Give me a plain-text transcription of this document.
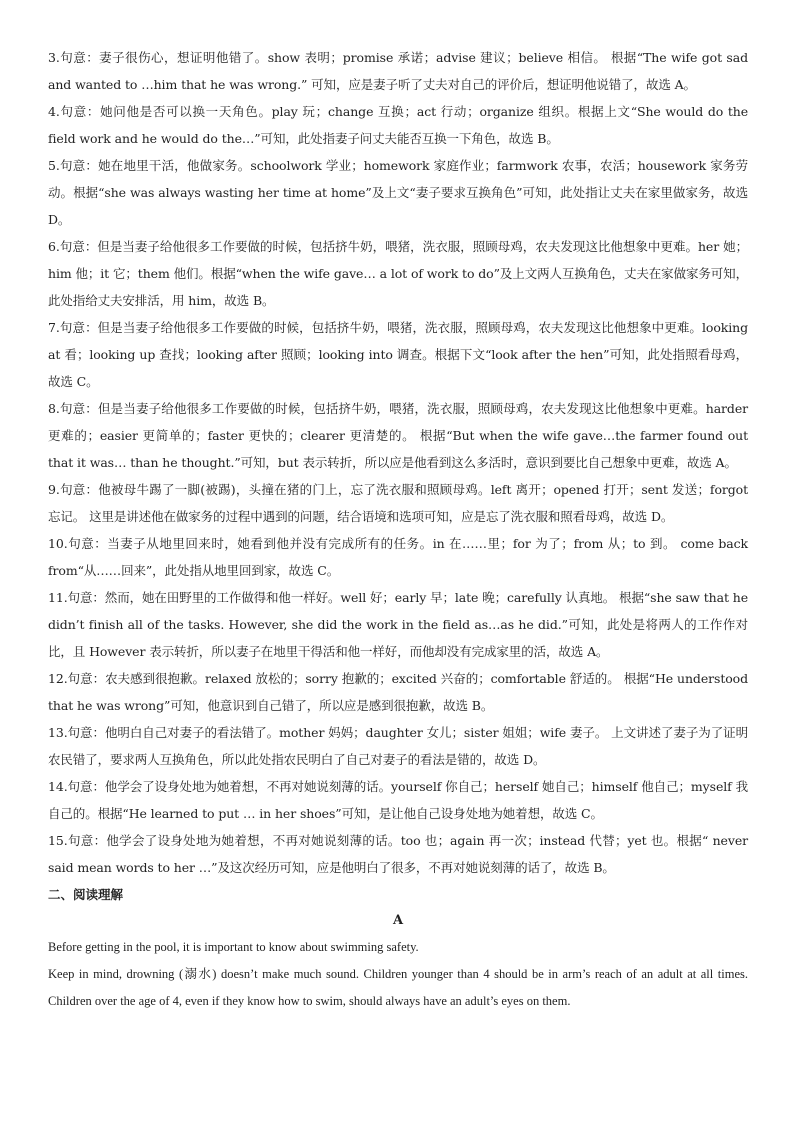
3.句意：妻子很伤心，想证明他错了。show 表明；promise 承诺；advise 建议；believe 相信。 根据“The wife got sad and wanted to …him that he was wrong.” 可知，应是妻子听了丈夫对自己的评价后，想证明他说错了，故选 A。

4.句意：她问他是否可以换一天角色。play 玩；change 互换；act 行动；organize 组织。根据上文“She would do the field work and he would do the…”可知，此处指妻子问丈夫能否互换一下角色，故选 B。

5.句意：她在地里干活，他做家务。schoolwork 学业；homework 家庭作业；farmwork 农事，农活；housework 家务劳动。根据“she was always wasting her time at home”及上文“妻子要求互换角色”可知，此处指让丈夫在家里做家务，故选 D。

6.句意：但是当妻子给他很多工作要做的时候，包括挤牛奶，喂猪，洗衣服，照顾母鸡，农夫发现这比他想象中更难。her 她；him 他；it 它；them 他们。根据“when the wife gave… a lot of work to do”及上文两人互换角色，丈夫在家做家务可知，此处指给丈夫安排活，用 him，故选 B。

7.句意：但是当妻子给他很多工作要做的时候，包括挤牛奶，喂猪，洗衣服，照顾母鸡，农夫发现这比他想象中更难。looking at 看；looking up 查找；looking after 照顾；looking into 调查。根据下文“look after the hen”可知，此处指照看母鸡，故选 C。

8.句意：但是当妻子给他很多工作要做的时候，包括挤牛奶，喂猪，洗衣服，照顾母鸡，农夫发现这比他想象中更难。harder 更难的；easier 更简单的；faster 更快的；clearer 更清楚的。 根据“But when the wife gave…the farmer found out that it was… than he thought.”可知，but 表示转折，所以应是他看到这么多活时，意识到要比自己想象中更难，故选 A。

9.句意：他被母牛踢了一脚(被踢)，头撞在猪的门上，忘了洗衣服和照顾母鸡。left 离开；opened 打开；sent 发送；forgot 忘记。 这里是讲述他在做家务的过程中遇到的问题，结合语境和选项可知，应是忘了洗衣服和照看母鸡，故选 D。

10.句意：当妻子从地里回来时，她看到他并没有完成所有的任务。in 在……里；for 为了；from 从；to 到。 come back from“从……回来”，此处指从地里回到家，故选 C。

11.句意：然而，她在田野里的工作做得和他一样好。well 好；early 早；late 晚；carefully 认真地。 根据“she saw that he didn’t finish all of the tasks. However, she did the work in the field as…as he did.”可知，此处是将两人的工作作对比，且 However 表示转折，所以妻子在地里干得活和他一样好，而他却没有完成家里的活，故选 A。

12.句意：农夫感到很抱歉。relaxed 放松的；sorry 抱歉的；excited 兴奋的；comfortable 舒适的。 根据“He understood that he was wrong”可知，他意识到自己错了，所以应是感到很抱歉，故选 B。

13.句意：他明白自己对妻子的看法错了。mother 妈妈；daughter 女儿；sister 姐姐；wife 妻子。 上文讲述了妻子为了证明农民错了，要求两人互换角色，所以此处指农民明白了自己对妻子的看法是错的，故选 D。

14.句意：他学会了设身处地为她着想，不再对她说刻薄的话。yourself 你自己；herself 她自己；himself 他自己；myself 我自己的。根据“He learned to put … in her shoes”可知，是让他自己设身处地为她着想，故选 C。

15.句意：他学会了设身处地为她着想，不再对她说刻薄的话。too 也；again 再一次；instead 代替；yet 也。根据“ never said mean words to her …”及这次经历可知，应是他明白了很多，不再对她说刻薄的话了，故选 B。

二、阅读理解

A

Before getting in the pool, it is important to know about swimming safety.

Keep in mind, drowning (溺水) doesn’t make much sound. Children younger than 4 should be in arm’s reach of an adult at all times. Children over the age of 4, even if they know how to swim, should always have an adult’s eyes on them.
